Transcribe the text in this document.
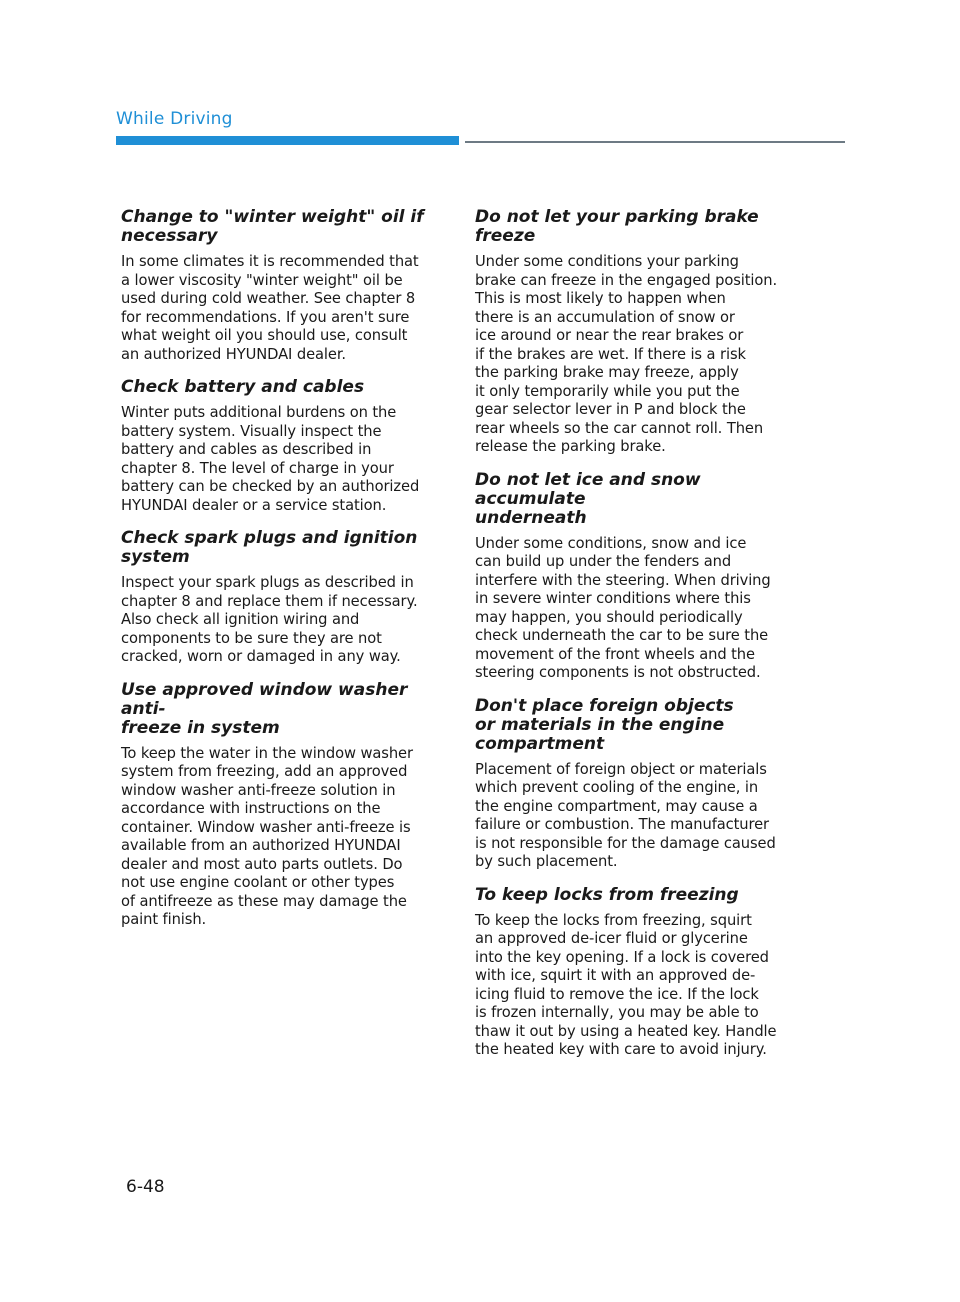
While Driving
Change to "winter weight" oil if
necessary

In some climates it is recommended that
a lower viscosity "winter weight" oil be
used during cold weather. See chapter 8
for recommendations. If you aren't sure
what weight oil you should use, consult
an authorized HYUNDAI dealer.

Check battery and cables

Winter puts additional burdens on the
battery system. Visually inspect the
battery and cables as described in
chapter 8. The level of charge in your
battery can be checked by an authorized
HYUNDAI dealer or a service station.

Check spark plugs and ignition
system

Inspect your spark plugs as described in
chapter 8 and replace them if necessary.
Also check all ignition wiring and
components to be sure they are not
cracked, worn or damaged in any way.

Use approved window washer anti-
freeze in system

To keep the water in the window washer
system from freezing, add an approved
window washer anti-freeze solution in
accordance with instructions on the
container. Window washer anti-freeze is
available from an authorized HYUNDAI
dealer and most auto parts outlets. Do
not use engine coolant or other types
of antifreeze as these may damage the
paint finish.

Do not let your parking brake freeze

Under some conditions your parking
brake can freeze in the engaged position.
This is most likely to happen when
there is an accumulation of snow or
ice around or near the rear brakes or
if the brakes are wet. If there is a risk
the parking brake may freeze, apply
it only temporarily while you put the
gear selector lever in P and block the
rear wheels so the car cannot roll. Then
release the parking brake.

Do not let ice and snow accumulate
underneath

Under some conditions, snow and ice
can build up under the fenders and
interfere with the steering. When driving
in severe winter conditions where this
may happen, you should periodically
check underneath the car to be sure the
movement of the front wheels and the
steering components is not obstructed.

Don't place foreign objects
or materials in the engine
compartment

Placement of foreign object or materials
which prevent cooling of the engine, in
the engine compartment, may cause a
failure or combustion. The manufacturer
is not responsible for the damage caused
by such placement.

To keep locks from freezing

To keep the locks from freezing, squirt
an approved de-icer fluid or glycerine
into the key opening. If a lock is covered
with ice, squirt it with an approved de-
icing fluid to remove the ice. If the lock
is frozen internally, you may be able to
thaw it out by using a heated key. Handle
the heated key with care to avoid injury.

6-48
